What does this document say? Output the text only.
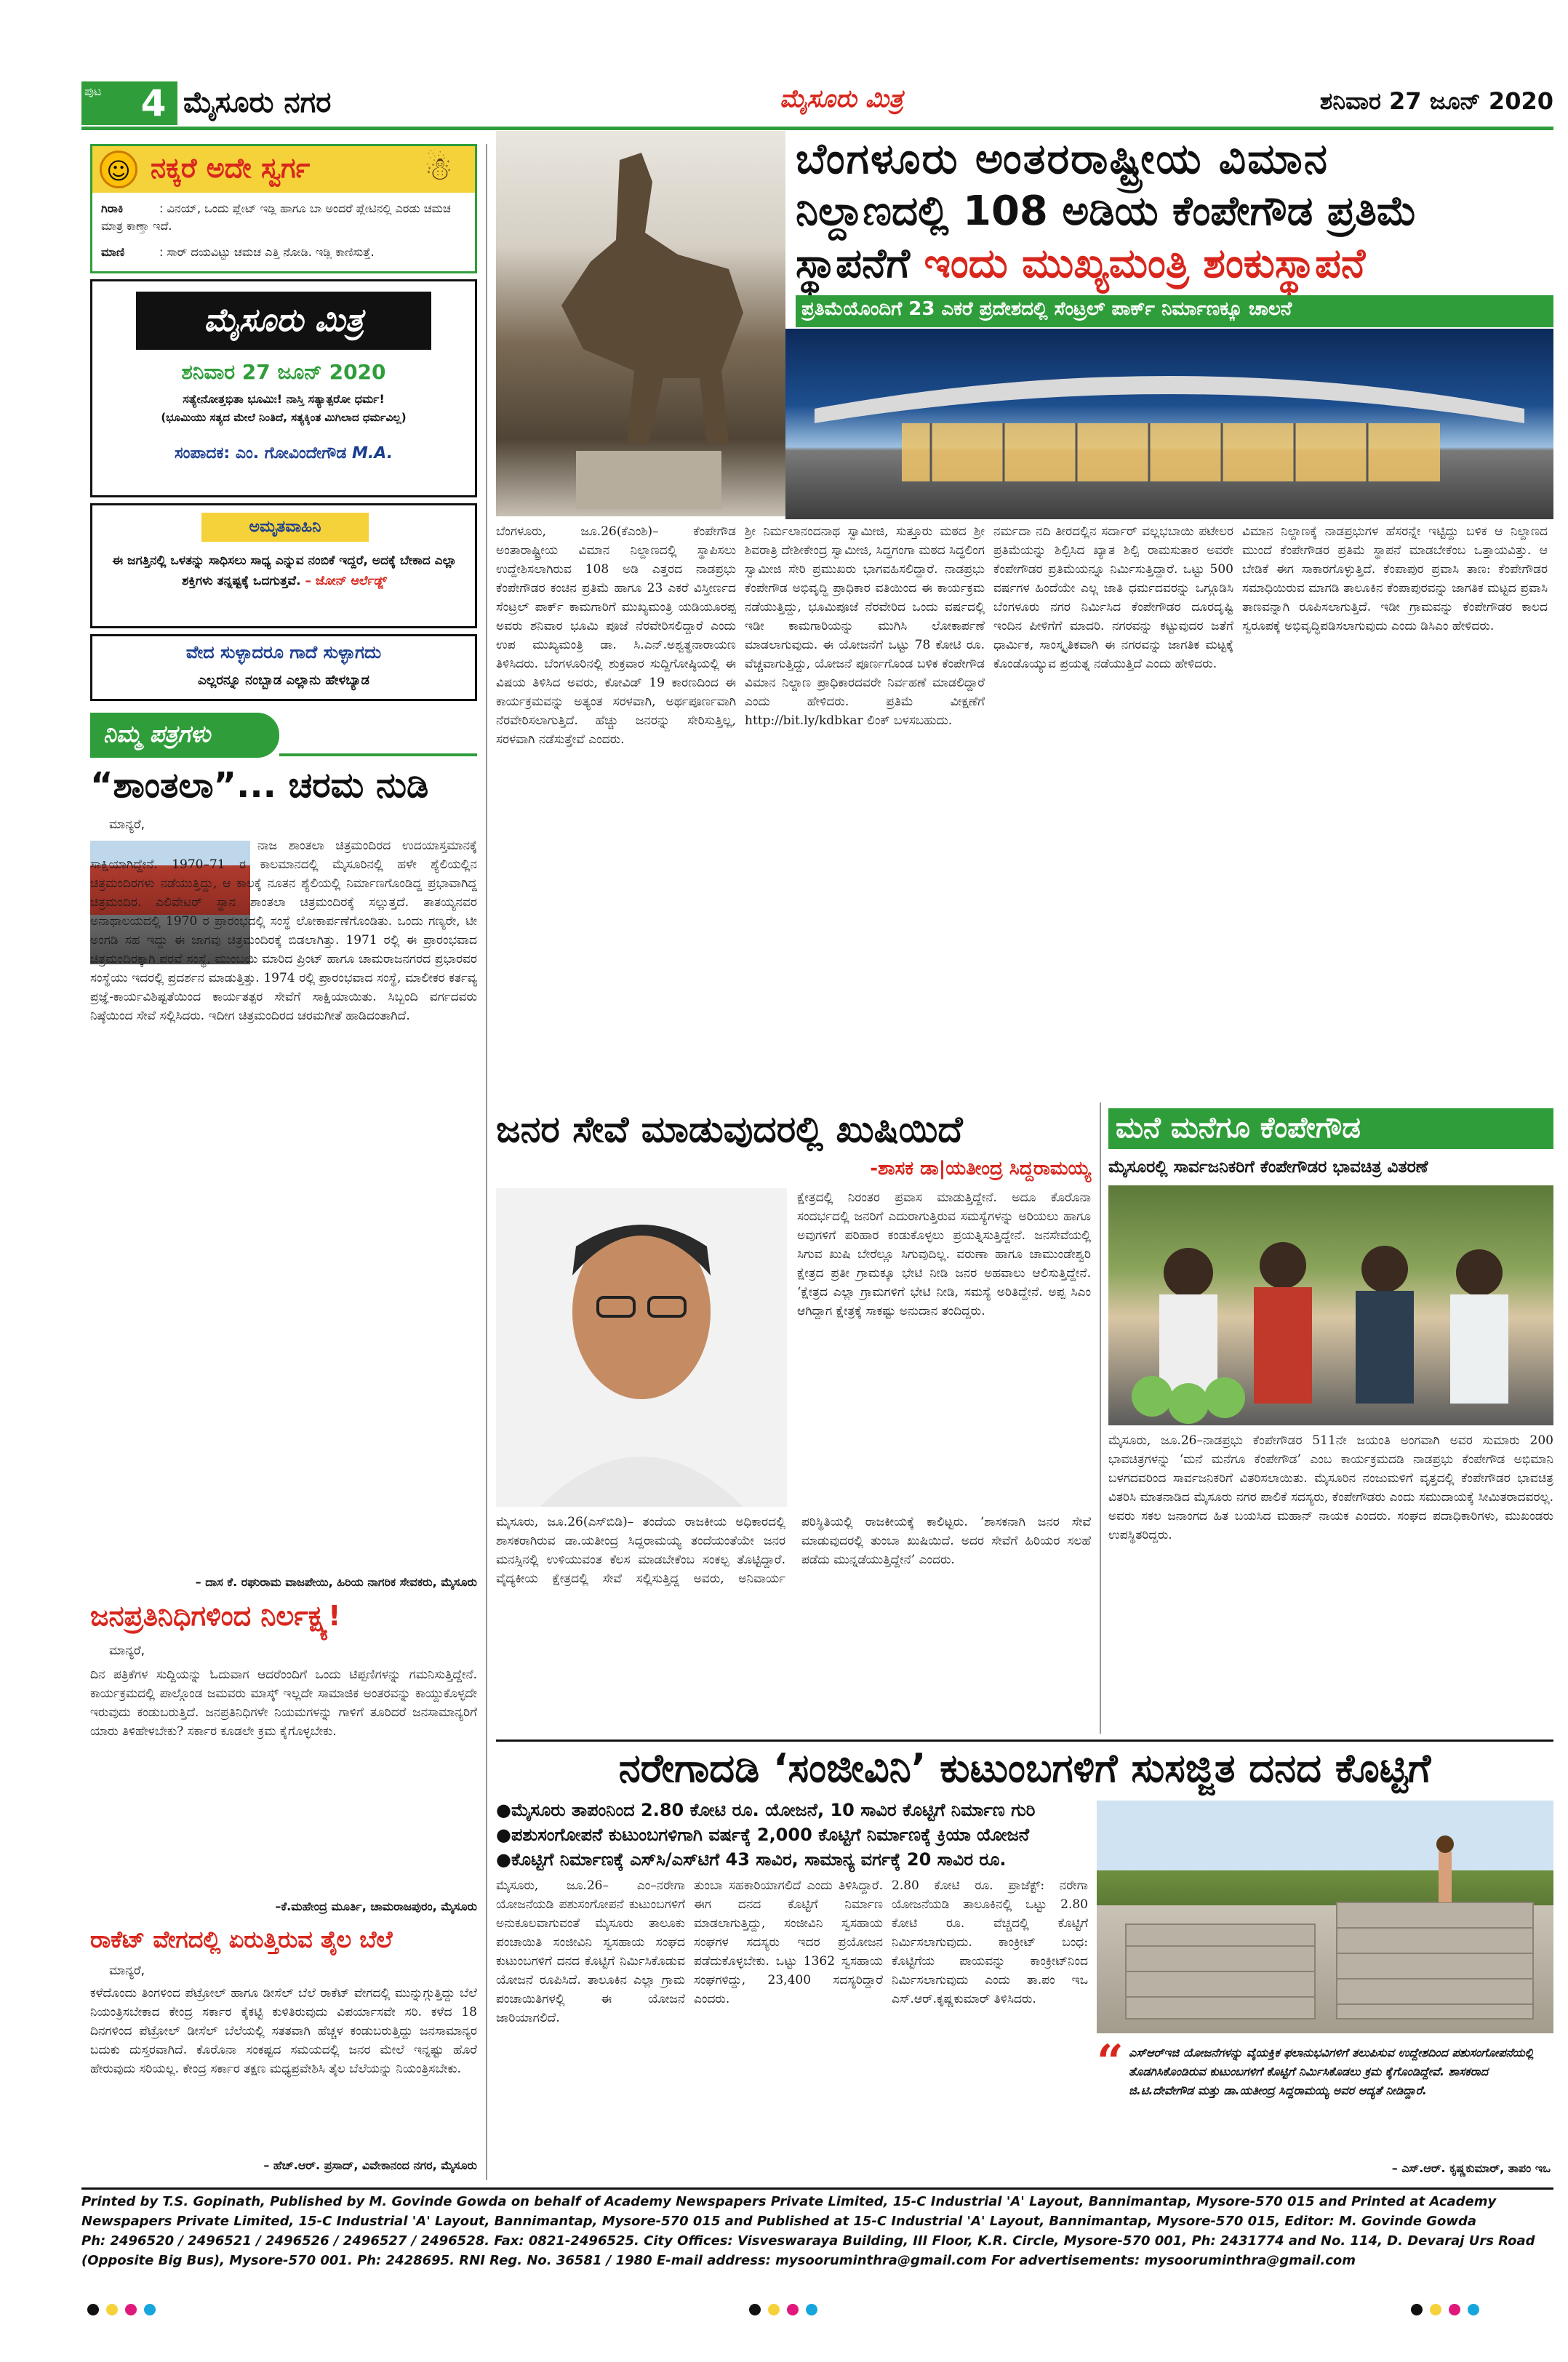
ಪುಟ	4 ಮೈಸೂರು ನಗರ	ಮೈಸೂರು ಮಿತ್ರ	ಶನಿವಾರ 27 ಜೂನ್ 2020
☺ ನಕ್ಕರೆ ಅದೇ ಸ್ವರ್ಗ	☃
ಗಿರಾಕಿ	: ವಿನಯ್, ಒಂದು ಪ್ಲೇಟ್ ಇಡ್ಲಿ ಹಾಗೂ ಬಾ ಅಂದರೆ ಪ್ಲೇಟಿನಲ್ಲಿ ಎರಡು ಚಮಚ ಮಾತ್ರ ಕಾಣ್ತಾ ಇದೆ.
ಮಾಣಿ	: ಸಾರ್ ದಯವಿಟ್ಟು ಚಮಚ ಎತ್ತಿ ನೋಡಿ. ಇಡ್ಲಿ ಕಾಣಿಸುತ್ತೆ.
ಮೈಸೂರು ಮಿತ್ರ
ಶನಿವಾರ 27 ಜೂನ್ 2020
ಸತ್ಯೇನೋತ್ತಭಿತಾ ಭೂಮಿಃ! ನಾಸ್ತಿ ಸತ್ಯಾತ್ಪರೋ ಧರ್ಮ!
(ಭೂಮಿಯು ಸತ್ಯದ ಮೇಲೆ ನಿಂತಿದೆ, ಸತ್ಯಕ್ಕಿಂತ ಮಿಗಿಲಾದ ಧರ್ಮವಿಲ್ಲ)
ಸಂಪಾದಕ: ಎಂ. ಗೋವಿಂದೇಗೌಡ M.A.
ಅಮೃತವಾಹಿನಿ
ಈ ಜಗತ್ತಿನಲ್ಲಿ ಒಳತನ್ನು ಸಾಧಿಸಲು ಸಾಧ್ಯ ಎನ್ನುವ ನಂಬಿಕೆ ಇದ್ದರೆ, ಅದಕ್ಕೆ ಬೇಕಾದ ಎಲ್ಲಾ ಶಕ್ತಿಗಳು ತನ್ನಷ್ಟಕ್ಕೆ ಒದಗುತ್ತವೆ. – ಜೋನ್ ಆರ್ಲೆಡ್ಜ್
ವೇದ ಸುಳ್ಳಾದರೂ ಗಾದೆ ಸುಳ್ಳಾಗದು
ಎಲ್ಲರನ್ನೂ ನಂಬ್ಬಾಡ ಎಲ್ಲಾನು ಹೇಳಬ್ಯಾಡ
ನಿಮ್ಮ ಪತ್ರಗಳು
“ಶಾಂತಲಾ”... ಚರಮ ನುಡಿ
ಮಾನ್ಯರೆ,
ನಾಜ ಶಾಂತಲಾ ಚಿತ್ರಮಂದಿರದ ಉದಯಾಸ್ತಮಾನಕ್ಕೆ ಸಾಕ್ಷಿಯಾಗಿದ್ದೇನೆ. 1970–71 ರ ಕಾಲಮಾನದಲ್ಲಿ ಮೈಸೂರಿನಲ್ಲಿ ಹಳೇ ಶ್ಯೆಲಿಯಲ್ಲಿನ ಚಿತ್ರಮಂದಿರಗಳು ನಡೆಯುತ್ತಿದ್ದು, ಆ ಕಾಲಕ್ಕೆ ನೂತನ ಶ್ಯೆಲಿಯಲ್ಲಿ ನಿರ್ಮಾಣಗೊಂಡಿದ್ದ ಪ್ರಭಾವಾಗಿದ್ದ ಚಿತ್ರಮಂದಿರ. ಎಲಿವೇಟರ್ ಸ್ಥಾನ ಶಾಂತಲಾ ಚಿತ್ರಮಂದಿರಕ್ಕೆ ಸಲ್ಲುತ್ತದೆ. ತಾತಯ್ಯನವರ ಅನಾಥಾಲಯದಲ್ಲಿ 1970 ರ ಪ್ರಾರಂಭದಲ್ಲಿ ಸಂಸ್ಥೆ ಲೋಕಾರ್ಪಣೆಗೊಂಡಿತು. ಒಂದು ಗಣ್ಯರೇ, ಟೀ ಅಂಗಡಿ ಸಹ ಇದ್ದು ಈ ಜಾಗವು ಚಿತ್ರಮಂದಿರಕ್ಕೆ ಬಿಡಲಾಗಿತ್ತು. 1971 ರಲ್ಲಿ ಈ ಪ್ರಾರಂಭವಾದ ಚಿತ್ರಮಂದಿರಕ್ಕಾಗಿ ಪರವೆ ಸಂಸ್ಥೆ, ಮುಂಬಯಿ ಮಾರಿದ ಪ್ರಿಂಟ್ ಹಾಗೂ ಚಾಮರಾಜನಗರದ ಪ್ರಭಾರವರ ಸಂಸ್ಥೆಯು ಇದರಲ್ಲಿ ಪ್ರದರ್ಶನ ಮಾಡುತ್ತಿತ್ತು. 1974 ರಲ್ಲಿ ಪ್ರಾರಂಭವಾದ ಸಂಸ್ಥೆ, ಮಾಲೀಕರ ಕರ್ತವ್ಯ ಪ್ರಜ್ಞೆ-ಕಾರ್ಯವಿಶಿಷ್ಟತೆಯಿಂದ ಕಾರ್ಯತತ್ಪರ ಸೇವೆಗೆ ಸಾಕ್ಷಿಯಾಯಿತು. ಸಿಬ್ಬಂದಿ ವರ್ಗದವರು ನಿಷ್ಠೆಯಿಂದ ಸೇವೆ ಸಲ್ಲಿಸಿದರು. ಇದೀಗ ಚಿತ್ರಮಂದಿರದ ಚರಮಗೀತೆ ಹಾಡಿದಂತಾಗಿದೆ.
– ದಾಸ ಕೆ. ರಘುರಾಮ ವಾಜಪೇಯಿ, ಹಿರಿಯ ನಾಗರಿಕ ಸೇವಕರು, ಮೈಸೂರು
ಜನಪ್ರತಿನಿಧಿಗಳಿಂದ ನಿರ್ಲಕ್ಷ್ಯ!
ಮಾನ್ಯರೆ,
ದಿನ ಪತ್ರಿಕೆಗಳ ಸುದ್ದಿಯನ್ನು ಓದುವಾಗ ಆದರೆಂಂದಿಗೆ ಒಂದು ಟಿಪ್ಪಣಿಗಳನ್ನು ಗಮನಿಸುತ್ತಿದ್ದೇನೆ. ಕಾರ್ಯಕ್ರಮದಲ್ಲಿ ಪಾಲ್ಗೊಂಡ ಜಮವರು ಮಾಸ್ಕ್ ಇಲ್ಲದೇ ಸಾಮಾಜಿಕ ಅಂತರವನ್ನು ಕಾಯ್ದುಕೊಳ್ಳದೇ ಇರುವುದು ಕಂಡುಬರುತ್ತಿದೆ. ಜನಪ್ರತಿನಿಧಿಗಳೇ ನಿಯಮಗಳನ್ನು ಗಾಳಿಗೆ ತೂರಿದರೆ ಜನಸಾಮಾನ್ಯರಿಗೆ ಯಾರು ತಿಳಿಹೇಳಬೇಕು? ಸರ್ಕಾರ ಕೂಡಲೇ ಕ್ರಮ ಕೈಗೊಳ್ಳಬೇಕು.
–ಕೆ.ಮಹೇಂದ್ರ ಮೂರ್ತಿ, ಚಾಮರಾಜಪುರಂ, ಮೈಸೂರು
ರಾಕೆಟ್ ವೇಗದಲ್ಲಿ ಏರುತ್ತಿರುವ ತೈಲ ಬೆಲೆ
ಮಾನ್ಯರೆ,
ಕಳೆದೊಂದು ತಿಂಗಳಿಂದ ಪೆಟ್ರೋಲ್ ಹಾಗೂ ಡೀಸೆಲ್ ಬೆಲೆ ರಾಕೆಟ್ ವೇಗದಲ್ಲಿ ಮುನ್ನುಗ್ಗುತ್ತಿದ್ದು ಬೆಲೆ ನಿಯಂತ್ರಿಸಬೇಕಾದ ಕೇಂದ್ರ ಸರ್ಕಾರ ಕೈಕಟ್ಟಿ ಕುಳಿತಿರುವುದು ವಿಪರ್ಯಾಸವೇ ಸರಿ. ಕಳೆದ 18 ದಿನಗಳಿಂದ ಪೆಟ್ರೋಲ್ ಡೀಸೆಲ್ ಬೆಲೆಯಲ್ಲಿ ಸತತವಾಗಿ ಹೆಚ್ಚಳ ಕಂಡುಬರುತ್ತಿದ್ದು ಜನಸಾಮಾನ್ಯರ ಬದುಕು ದುಸ್ತರವಾಗಿದೆ. ಕೊರೊನಾ ಸಂಕಷ್ಟದ ಸಮಯದಲ್ಲಿ ಜನರ ಮೇಲೆ ಇನ್ನಷ್ಟು ಹೊರೆ ಹೇರುವುದು ಸರಿಯಲ್ಲ. ಕೇಂದ್ರ ಸರ್ಕಾರ ತಕ್ಷಣ ಮಧ್ಯಪ್ರವೇಶಿಸಿ ತೈಲ ಬೆಲೆಯನ್ನು ನಿಯಂತ್ರಿಸಬೇಕು.
– ಹೆಚ್.ಆರ್. ಪ್ರಸಾದ್, ವಿವೇಕಾನಂದ ನಗರ, ಮೈಸೂರು
ಬೆಂಗಳೂರು ಅಂತರರಾಷ್ಟ್ರೀಯ ವಿಮಾನ
ನಿಲ್ದಾಣದಲ್ಲಿ 108 ಅಡಿಯ ಕೆಂಪೇಗೌಡ ಪ್ರತಿಮೆ
ಸ್ಥಾಪನೆಗೆ ಇಂದು ಮುಖ್ಯಮಂತ್ರಿ ಶಂಕುಸ್ಥಾಪನೆ
ಪ್ರತಿಮೆಯೊಂದಿಗೆ 23 ಎಕರೆ ಪ್ರದೇಶದಲ್ಲಿ ಸೆಂಟ್ರಲ್ ಪಾರ್ಕ್ ನಿರ್ಮಾಣಕ್ಕೂ ಚಾಲನೆ
ಬೆಂಗಳೂರು, ಜೂ.26(ಕೆಎಂಶಿ)– ಕೆಂಪೇಗೌಡ ಅಂತಾರಾಷ್ಟ್ರೀಯ ವಿಮಾನ ನಿಲ್ದಾಣದಲ್ಲಿ ಸ್ಥಾಪಿಸಲು ಉದ್ದೇಶಿಸಲಾಗಿರುವ 108 ಅಡಿ ಎತ್ತರದ ನಾಡಪ್ರಭು ಕೆಂಪೇಗೌಡರ ಕಂಚಿನ ಪ್ರತಿಮೆ ಹಾಗೂ 23 ಎಕರೆ ವಿಸ್ತೀರ್ಣದ ಸೆಂಟ್ರಲ್ ಪಾರ್ಕ್ ಕಾಮಗಾರಿಗೆ ಮುಖ್ಯಮಂತ್ರಿ ಯಡಿಯೂರಪ್ಪ ಅವರು ಶನಿವಾರ ಭೂಮಿ ಪೂಜೆ ನೆರವೇರಿಸಲಿದ್ದಾರೆ ಎಂದು ಉಪ ಮುಖ್ಯಮಂತ್ರಿ ಡಾ. ಸಿ.ಎನ್.ಅಶ್ವತ್ಥನಾರಾಯಣ ತಿಳಿಸಿದರು. ಬೆಂಗಳೂರಿನಲ್ಲಿ ಶುಕ್ರವಾರ ಸುದ್ದಿಗೋಷ್ಠಿಯಲ್ಲಿ ಈ ವಿಷಯ ತಿಳಿಸಿದ ಅವರು, ಕೋವಿಡ್ 19 ಕಾರಣದಿಂದ ಈ ಕಾರ್ಯಕ್ರಮವನ್ನು ಅತ್ಯಂತ ಸರಳವಾಗಿ, ಅರ್ಥಪೂರ್ಣವಾಗಿ ನೆರವೇರಿಸಲಾಗುತ್ತಿದೆ. ಹೆಚ್ಚು ಜನರನ್ನು ಸೇರಿಸುತ್ತಿಲ್ಲ, ಸರಳವಾಗಿ ನಡೆಸುತ್ತೇವೆ ಎಂದರು.
ಶ್ರೀ ನಿರ್ಮಲಾನಂದನಾಥ ಸ್ವಾಮೀಜಿ, ಸುತ್ತೂರು ಮಠದ ಶ್ರೀ ಶಿವರಾತ್ರಿ ದೇಶೀಕೇಂದ್ರ ಸ್ವಾಮೀಜಿ, ಸಿದ್ಧಗಂಗಾ ಮಠದ ಸಿದ್ಧಲಿಂಗ ಸ್ವಾಮೀಜಿ ಸೇರಿ ಪ್ರಮುಖರು ಭಾಗವಹಿಸಲಿದ್ದಾರೆ. ನಾಡಪ್ರಭು ಕೆಂಪೇಗೌಡ ಅಭಿವೃದ್ಧಿ ಪ್ರಾಧಿಕಾರ ವತಿಯಿಂದ ಈ ಕಾರ್ಯಕ್ರಮ ನಡೆಯುತ್ತಿದ್ದು, ಭೂಮಿಪೂಜೆ ನೆರವೇರಿದ ಒಂದು ವರ್ಷದಲ್ಲಿ ಇಡೀ ಕಾಮಗಾರಿಯನ್ನು ಮುಗಿಸಿ ಲೋಕಾರ್ಪಣೆ ಮಾಡಲಾಗುವುದು. ಈ ಯೋಜನೆಗೆ ಒಟ್ಟು 78 ಕೋಟಿ ರೂ. ವೆಚ್ಚವಾಗುತ್ತಿದ್ದು, ಯೋಜನೆ ಪೂರ್ಣಗೊಂಡ ಬಳಿಕ ಕೆಂಪೇಗೌಡ ವಿಮಾನ ನಿಲ್ದಾಣ ಪ್ರಾಧಿಕಾರದವರೇ ನಿರ್ವಹಣೆ ಮಾಡಲಿದ್ದಾರೆ ಎಂದು ಹೇಳಿದರು. ಪ್ರತಿಮೆ ವೀಕ್ಷಣೆಗೆ http://bit.ly/kdbkar ಲಿಂಕ್ ಬಳಸಬಹುದು.
ನರ್ಮದಾ ನದಿ ತೀರದಲ್ಲಿನ ಸರ್ದಾರ್ ವಲ್ಲಭಬಾಯಿ ಪಟೇಲರ ಪ್ರತಿಮೆಯನ್ನು ಶಿಲ್ಪಿಸಿದ ಖ್ಯಾತ ಶಿಲ್ಪಿ ರಾಮಸುತಾರ ಅವರೇ ಕೆಂಪೇಗೌಡರ ಪ್ರತಿಮೆಯನ್ನೂ ನಿರ್ಮಿಸುತ್ತಿದ್ದಾರೆ. ಒಟ್ಟು 500 ವರ್ಷಗಳ ಹಿಂದೆಯೇ ಎಲ್ಲ ಜಾತಿ ಧರ್ಮದವರನ್ನು ಒಗ್ಗೂಡಿಸಿ ಬೆಂಗಳೂರು ನಗರ ನಿರ್ಮಿಸಿದ ಕೆಂಪೇಗೌಡರ ದೂರದೃಷ್ಟಿ ಇಂದಿನ ಪೀಳಿಗೆಗೆ ಮಾದರಿ. ನಗರವನ್ನು ಕಟ್ಟುವುದರ ಜತೆಗೆ ಧಾರ್ಮಿಕ, ಸಾಂಸ್ಕೃತಿಕವಾಗಿ ಈ ನಗರವನ್ನು ಜಾಗತಿಕ ಮಟ್ಟಕ್ಕೆ ಕೊಂಡೊಯ್ಯುವ ಪ್ರಯತ್ನ ನಡೆಯುತ್ತಿದೆ ಎಂದು ಹೇಳಿದರು.
ವಿಮಾನ ನಿಲ್ದಾಣಕ್ಕೆ ನಾಡಪ್ರಭುಗಳ ಹೆಸರನ್ನೇ ಇಟ್ಟಿದ್ದು ಬಳಿಕ ಆ ನಿಲ್ದಾಣದ ಮುಂದೆ ಕೆಂಪೇಗೌಡರ ಪ್ರತಿಮೆ ಸ್ಥಾಪನೆ ಮಾಡಬೇಕೆಂಬ ಒತ್ತಾಯವಿತ್ತು. ಆ ಬೇಡಿಕೆ ಈಗ ಸಾಕಾರಗೊಳ್ಳುತ್ತಿದೆ. ಕೆಂಪಾಪುರ ಪ್ರವಾಸಿ ತಾಣ: ಕೆಂಪೇಗೌಡರ ಸಮಾಧಿಯಿರುವ ಮಾಗಡಿ ತಾಲೂಕಿನ ಕೆಂಪಾಪುರವನ್ನು ಜಾಗತಿಕ ಮಟ್ಟದ ಪ್ರವಾಸಿ ತಾಣವನ್ನಾಗಿ ರೂಪಿಸಲಾಗುತ್ತಿದೆ. ಇಡೀ ಗ್ರಾಮವನ್ನು ಕೆಂಪೇಗೌಡರ ಕಾಲದ ಸ್ವರೂಪಕ್ಕೆ ಅಭಿವೃದ್ಧಿಪಡಿಸಲಾಗುವುದು ಎಂದು ಡಿಸಿಎಂ ಹೇಳಿದರು.
ಜನರ ಸೇವೆ ಮಾಡುವುದರಲ್ಲಿ ಖುಷಿಯಿದೆ
-ಶಾಸಕ ಡಾ|ಯತೀಂದ್ರ ಸಿದ್ದರಾಮಯ್ಯ
ಕ್ಷೇತ್ರದಲ್ಲಿ ನಿರಂತರ ಪ್ರವಾಸ ಮಾಡುತ್ತಿದ್ದೇನೆ. ಅದೂ ಕೊರೊನಾ ಸಂದರ್ಭದಲ್ಲಿ ಜನರಿಗೆ ಎದುರಾಗುತ್ತಿರುವ ಸಮಸ್ಯೆಗಳನ್ನು ಅರಿಯಲು ಹಾಗೂ ಅವುಗಳಿಗೆ ಪರಿಹಾರ ಕಂಡುಕೊಳ್ಳಲು ಪ್ರಯತ್ನಿಸುತ್ತಿದ್ದೇನೆ. ಜನಸೇವೆಯಲ್ಲಿ ಸಿಗುವ ಖುಷಿ ಬೇರೆಲ್ಲೂ ಸಿಗುವುದಿಲ್ಲ. ವರುಣಾ ಹಾಗೂ ಚಾಮುಂಡೇಶ್ವರಿ ಕ್ಷೇತ್ರದ ಪ್ರತೀ ಗ್ರಾಮಕ್ಕೂ ಭೇಟಿ ನೀಡಿ ಜನರ ಅಹವಾಲು ಆಲಿಸುತ್ತಿದ್ದೇನೆ. ‘ಕ್ಷೇತ್ರದ ಎಲ್ಲಾ ಗ್ರಾಮಗಳಿಗೆ ಭೇಟಿ ನೀಡಿ, ಸಮಸ್ಯೆ ಅರಿತಿದ್ದೇನೆ. ಅಪ್ಪ ಸಿಎಂ ಆಗಿದ್ದಾಗ ಕ್ಷೇತ್ರಕ್ಕೆ ಸಾಕಷ್ಟು ಅನುದಾನ ತಂದಿದ್ದರು.
ಮೈಸೂರು, ಜೂ.26(ಎಸ್‌ಬಿಡಿ)– ತಂದೆಯ ರಾಜಕೀಯ ಅಧಿಕಾರದಲ್ಲಿ ಶಾಸಕರಾಗಿರುವ ಡಾ.ಯತೀಂದ್ರ ಸಿದ್ದರಾಮಯ್ಯ ತಂದೆಯಂತೆಯೇ ಜನರ ಮನಸ್ಸಿನಲ್ಲಿ ಉಳಿಯುವಂತ ಕೆಲಸ ಮಾಡಬೇಕೆಂಬ ಸಂಕಲ್ಪ ತೊಟ್ಟಿದ್ದಾರೆ. ವೈದ್ಯಕೀಯ ಕ್ಷೇತ್ರದಲ್ಲಿ ಸೇವೆ ಸಲ್ಲಿಸುತ್ತಿದ್ದ ಅವರು, ಅನಿವಾರ್ಯ ಪರಿಸ್ಥಿತಿಯಲ್ಲಿ ರಾಜಕೀಯಕ್ಕೆ ಕಾಲಿಟ್ಟರು. ‘ಶಾಸಕನಾಗಿ ಜನರ ಸೇವೆ ಮಾಡುವುದರಲ್ಲಿ ತುಂಬಾ ಖುಷಿಯಿದೆ. ಅದರ ಸೇವೆಗೆ ಹಿರಿಯರ ಸಲಹೆ ಪಡೆದು ಮುನ್ನಡೆಯುತ್ತಿದ್ದೇನೆ’ ಎಂದರು.
ಮನೆ ಮನೆಗೂ ಕೆಂಪೇಗೌಡ
ಮೈಸೂರಲ್ಲಿ ಸಾರ್ವಜನಿಕರಿಗೆ ಕೆಂಪೇಗೌಡರ ಭಾವಚಿತ್ರ ವಿತರಣೆ
ಮೈಸೂರು, ಜೂ.26–ನಾಡಪ್ರಭು ಕೆಂಪೇಗೌಡರ 511ನೇ ಜಯಂತಿ ಅಂಗವಾಗಿ ಅವರ ಸುಮಾರು 200 ಭಾವಚಿತ್ರಗಳನ್ನು ‘ಮನೆ ಮನೆಗೂ ಕೆಂಪೇಗೌಡ’ ಎಂಬ ಕಾರ್ಯಕ್ರಮದಡಿ ನಾಡಪ್ರಭು ಕೆಂಪೇಗೌಡ ಅಭಿಮಾನಿ ಬಳಗದವರಿಂದ ಸಾರ್ವಜನಿಕರಿಗೆ ವಿತರಿಸಲಾಯಿತು. ಮೈಸೂರಿನ ನಂಜುಮಳಿಗೆ ವೃತ್ತದಲ್ಲಿ ಕೆಂಪೇಗೌಡರ ಭಾವಚಿತ್ರ ವಿತರಿಸಿ ಮಾತನಾಡಿದ ಮೈಸೂರು ನಗರ ಪಾಲಿಕೆ ಸದಸ್ಯರು, ಕೆಂಪೇಗೌಡರು ಎಂದು ಸಮುದಾಯಕ್ಕೆ ಸೀಮಿತರಾದವರಲ್ಲ. ಅವರು ಸಕಲ ಜನಾಂಗದ ಹಿತ ಬಯಸಿದ ಮಹಾನ್ ನಾಯಕ ಎಂದರು. ಸಂಘದ ಪದಾಧಿಕಾರಿಗಳು, ಮುಖಂಡರು ಉಪಸ್ಥಿತರಿದ್ದರು.
ನರೇಗಾದಡಿ ‘ಸಂಜೀವಿನಿ’ ಕುಟುಂಬಗಳಿಗೆ ಸುಸಜ್ಜಿತ ದನದ ಕೊಟ್ಟಿಗೆ
●ಮೈಸೂರು ತಾಪಂನಿಂದ 2.80 ಕೋಟಿ ರೂ. ಯೋಜನೆ, 10 ಸಾವಿರ ಕೊಟ್ಟಿಗೆ ನಿರ್ಮಾಣ ಗುರಿ
●ಪಶುಸಂಗೋಪನೆ ಕುಟುಂಬಗಳಿಗಾಗಿ ವರ್ಷಕ್ಕೆ 2,000 ಕೊಟ್ಟಿಗೆ ನಿರ್ಮಾಣಕ್ಕೆ ಕ್ರಿಯಾ ಯೋಜನೆ
●ಕೊಟ್ಟಿಗೆ ನಿರ್ಮಾಣಕ್ಕೆ ಎಸ್‌ಸಿ/ಎಸ್‌ಟಿಗೆ 43 ಸಾವಿರ, ಸಾಮಾನ್ಯ ವರ್ಗಕ್ಕೆ 20 ಸಾವಿರ ರೂ.
ಮೈಸೂರು, ಜೂ.26– ಎಂ–ನರೇಗಾ ಯೋಜನೆಯಡಿ ಪಶುಸಂಗೋಪನೆ ಕುಟುಂಬಗಳಿಗೆ ಅನುಕೂಲವಾಗುವಂತೆ ಮೈಸೂರು ತಾಲೂಕು ಪಂಚಾಯಿತಿ ಸಂಜೀವಿನಿ ಸ್ವಸಹಾಯ ಸಂಘದ ಕುಟುಂಬಗಳಿಗೆ ದನದ ಕೊಟ್ಟಿಗೆ ನಿರ್ಮಿಸಿಕೊಡುವ ಯೋಜನೆ ರೂಪಿಸಿದೆ. ತಾಲೂಕಿನ ಎಲ್ಲಾ ಗ್ರಾಮ ಪಂಚಾಯಿತಿಗಳಲ್ಲಿ ಈ ಯೋಜನೆ ಜಾರಿಯಾಗಲಿದೆ.
ತುಂಬಾ ಸಹಕಾರಿಯಾಗಲಿದೆ ಎಂದು ತಿಳಿಸಿದ್ದಾರೆ. ಈಗ ದನದ ಕೊಟ್ಟಿಗೆ ನಿರ್ಮಾಣ ಮಾಡಲಾಗುತ್ತಿದ್ದು, ಸಂಜೀವಿನಿ ಸ್ವಸಹಾಯ ಸಂಘಗಳ ಸದಸ್ಯರು ಇದರ ಪ್ರಯೋಜನ ಪಡೆದುಕೊಳ್ಳಬೇಕು. ಒಟ್ಟು 1362 ಸ್ವಸಹಾಯ ಸಂಘಗಳಿದ್ದು, 23,400 ಸದಸ್ಯರಿದ್ದಾರೆ ಎಂದರು.
2.80 ಕೋಟಿ ರೂ. ಪ್ರಾಜೆಕ್ಟ್: ನರೇಗಾ ಯೋಜನೆಯಡಿ ತಾಲೂಕಿನಲ್ಲಿ ಒಟ್ಟು 2.80 ಕೋಟಿ ರೂ. ವೆಚ್ಚದಲ್ಲಿ ಕೊಟ್ಟಿಗೆ ನಿರ್ಮಿಸಲಾಗುವುದು. ಕಾಂಕ್ರೀಟ್ ಬಂಧ: ಕೊಟ್ಟಿಗೆಯ ಪಾಯವನ್ನು ಕಾಂಕ್ರೀಟ್‌ನಿಂದ ನಿರ್ಮಿಸಲಾಗುವುದು ಎಂದು ತಾ.ಪಂ ಇಒ ಎಸ್.ಆರ್.ಕೃಷ್ಣಕುಮಾರ್ ತಿಳಿಸಿದರು.
“ ಎಸ್‌ಆರ್‌ಇಜಿ ಯೋಜನೆಗಳನ್ನು ವೈಯಕ್ತಿಕ ಫಲಾನುಭವಿಗಳಿಗೆ ತಲುಪಿಸುವ ಉದ್ದೇಶದಿಂದ ಪಶುಸಂಗೋಪನೆಯಲ್ಲಿ ತೊಡಗಿಸಿಕೊಂಡಿರುವ ಕುಟುಂಬಗಳಿಗೆ ಕೊಟ್ಟಿಗೆ ನಿರ್ಮಿಸಿಕೊಡಲು ಕ್ರಮ ಕೈಗೊಂಡಿದ್ದೇವೆ. ಶಾಸಕರಾದ ಜಿ.ಟಿ.ದೇವೇಗೌಡ ಮತ್ತು ಡಾ.ಯತೀಂದ್ರ ಸಿದ್ದರಾಮಯ್ಯ ಅವರ ಆದ್ಯತೆ ನೀಡಿದ್ದಾರೆ.
– ಎಸ್.ಆರ್. ಕೃಷ್ಣಕುಮಾರ್, ತಾಪಂ ಇಒ
Printed by T.S. Gopinath, Published by M. Govinde Gowda on behalf of Academy Newspapers Private Limited, 15-C Industrial 'A' Layout, Bannimantap, Mysore-570 015 and Printed at Academy
Newspapers Private Limited, 15-C Industrial 'A' Layout, Bannimantap, Mysore-570 015 and Published at 15-C Industrial 'A' Layout, Bannimantap, Mysore-570 015, Editor: M. Govinde Gowda
Ph: 2496520 / 2496521 / 2496526 / 2496527 / 2496528. Fax: 0821-2496525. City Offices: Visveswaraya Building, III Floor, K.R. Circle, Mysore-570 001, Ph: 2431774 and No. 114, D. Devaraj Urs Road
(Opposite Big Bus), Mysore-570 001. Ph: 2428695. RNI Reg. No. 36581 / 1980 E-mail address: mysooruminthra@gmail.com For advertisements: mysooruminthra@gmail.com
